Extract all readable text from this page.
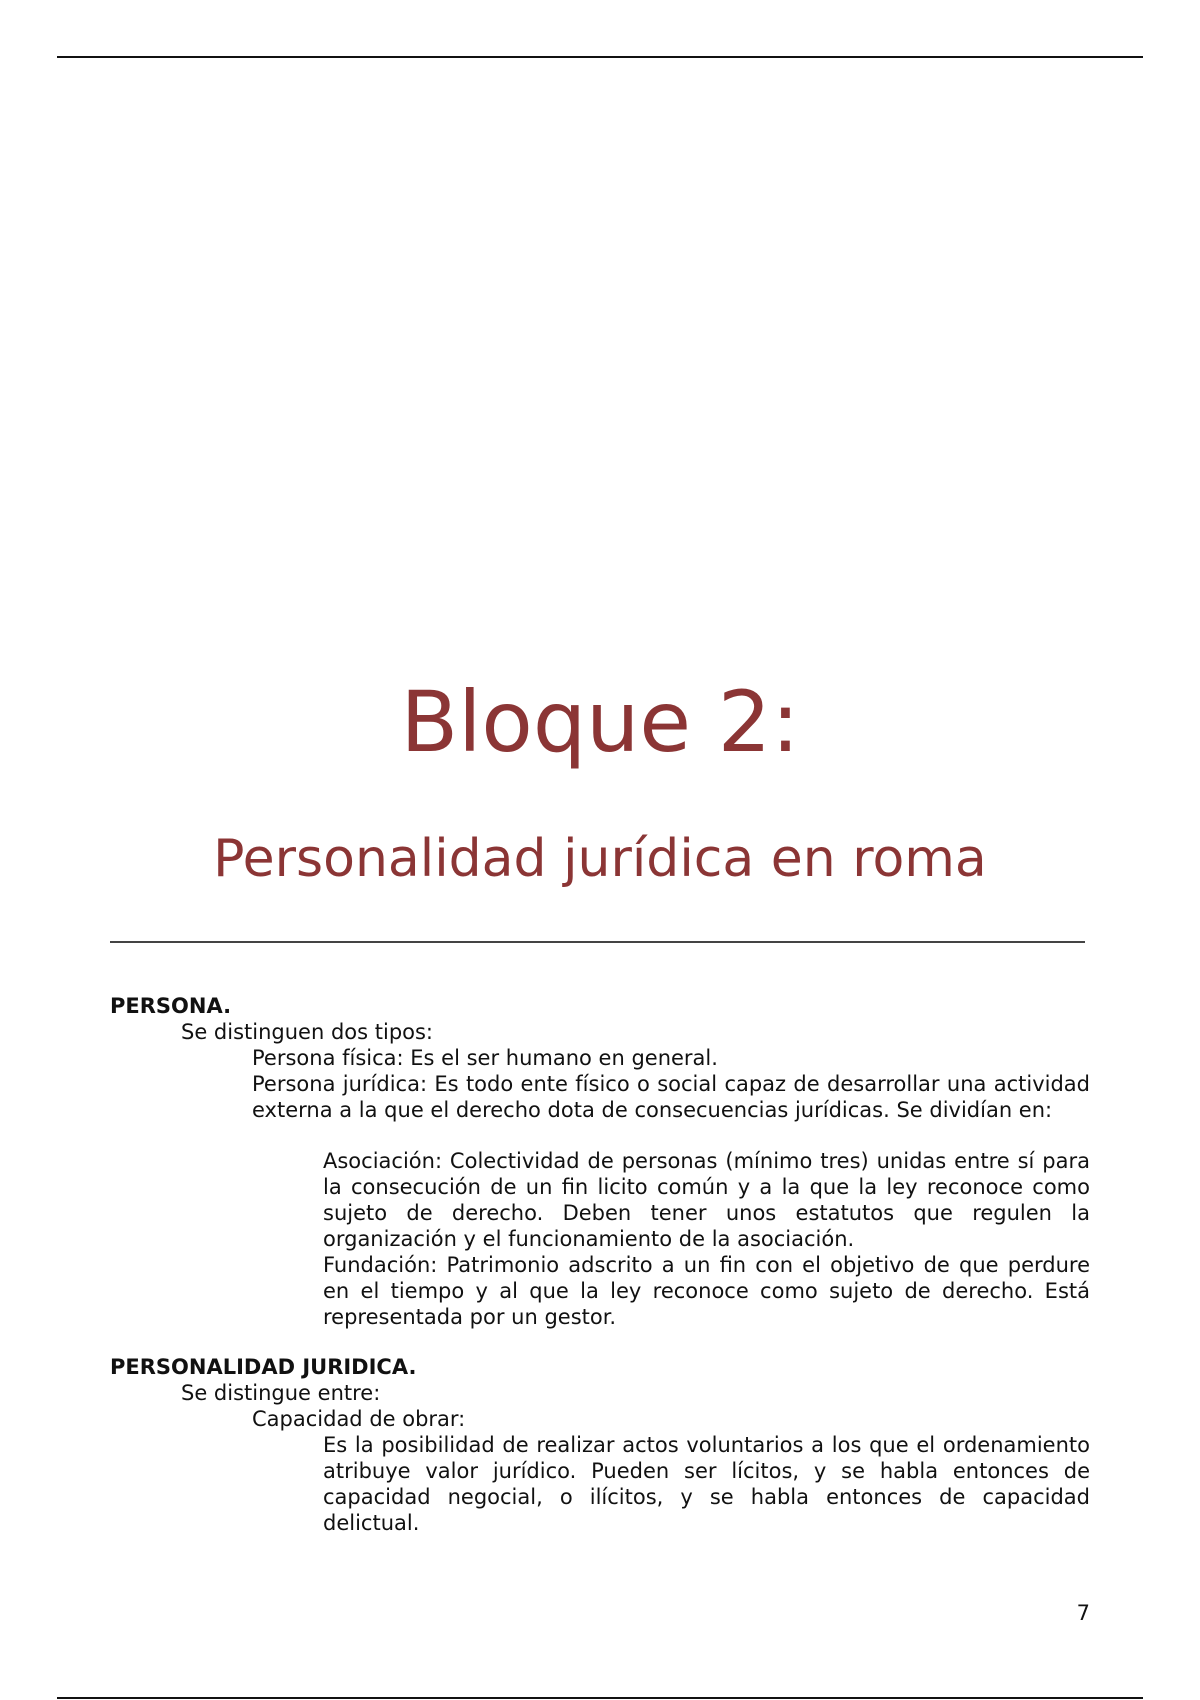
Bloque 2:
Personalidad jurídica en roma

PERSONA.

Se distinguen dos tipos:

Persona física: Es el ser humano en general.

Persona jurídica: Es todo ente físico o social capaz de desarrollar una actividad externa a la que el derecho dota de consecuencias jurídicas. Se dividían en:

Asociación: Colectividad de personas (mínimo tres) unidas entre sí para la consecución de un fin licito común y a la que la ley reconoce como sujeto de derecho. Deben tener unos estatutos que regulen la organización y el funcionamiento de la asociación.

Fundación: Patrimonio adscrito a un fin con el objetivo de que perdure en el tiempo y al que la ley reconoce como sujeto de derecho. Está representada por un gestor.

PERSONALIDAD JURIDICA.

Se distingue entre:

Capacidad de obrar:

Es la posibilidad de realizar actos voluntarios a los que el ordenamiento atribuye valor jurídico. Pueden ser lícitos, y se habla entonces de capacidad negocial, o ilícitos, y se habla entonces de capacidad delictual.

7
